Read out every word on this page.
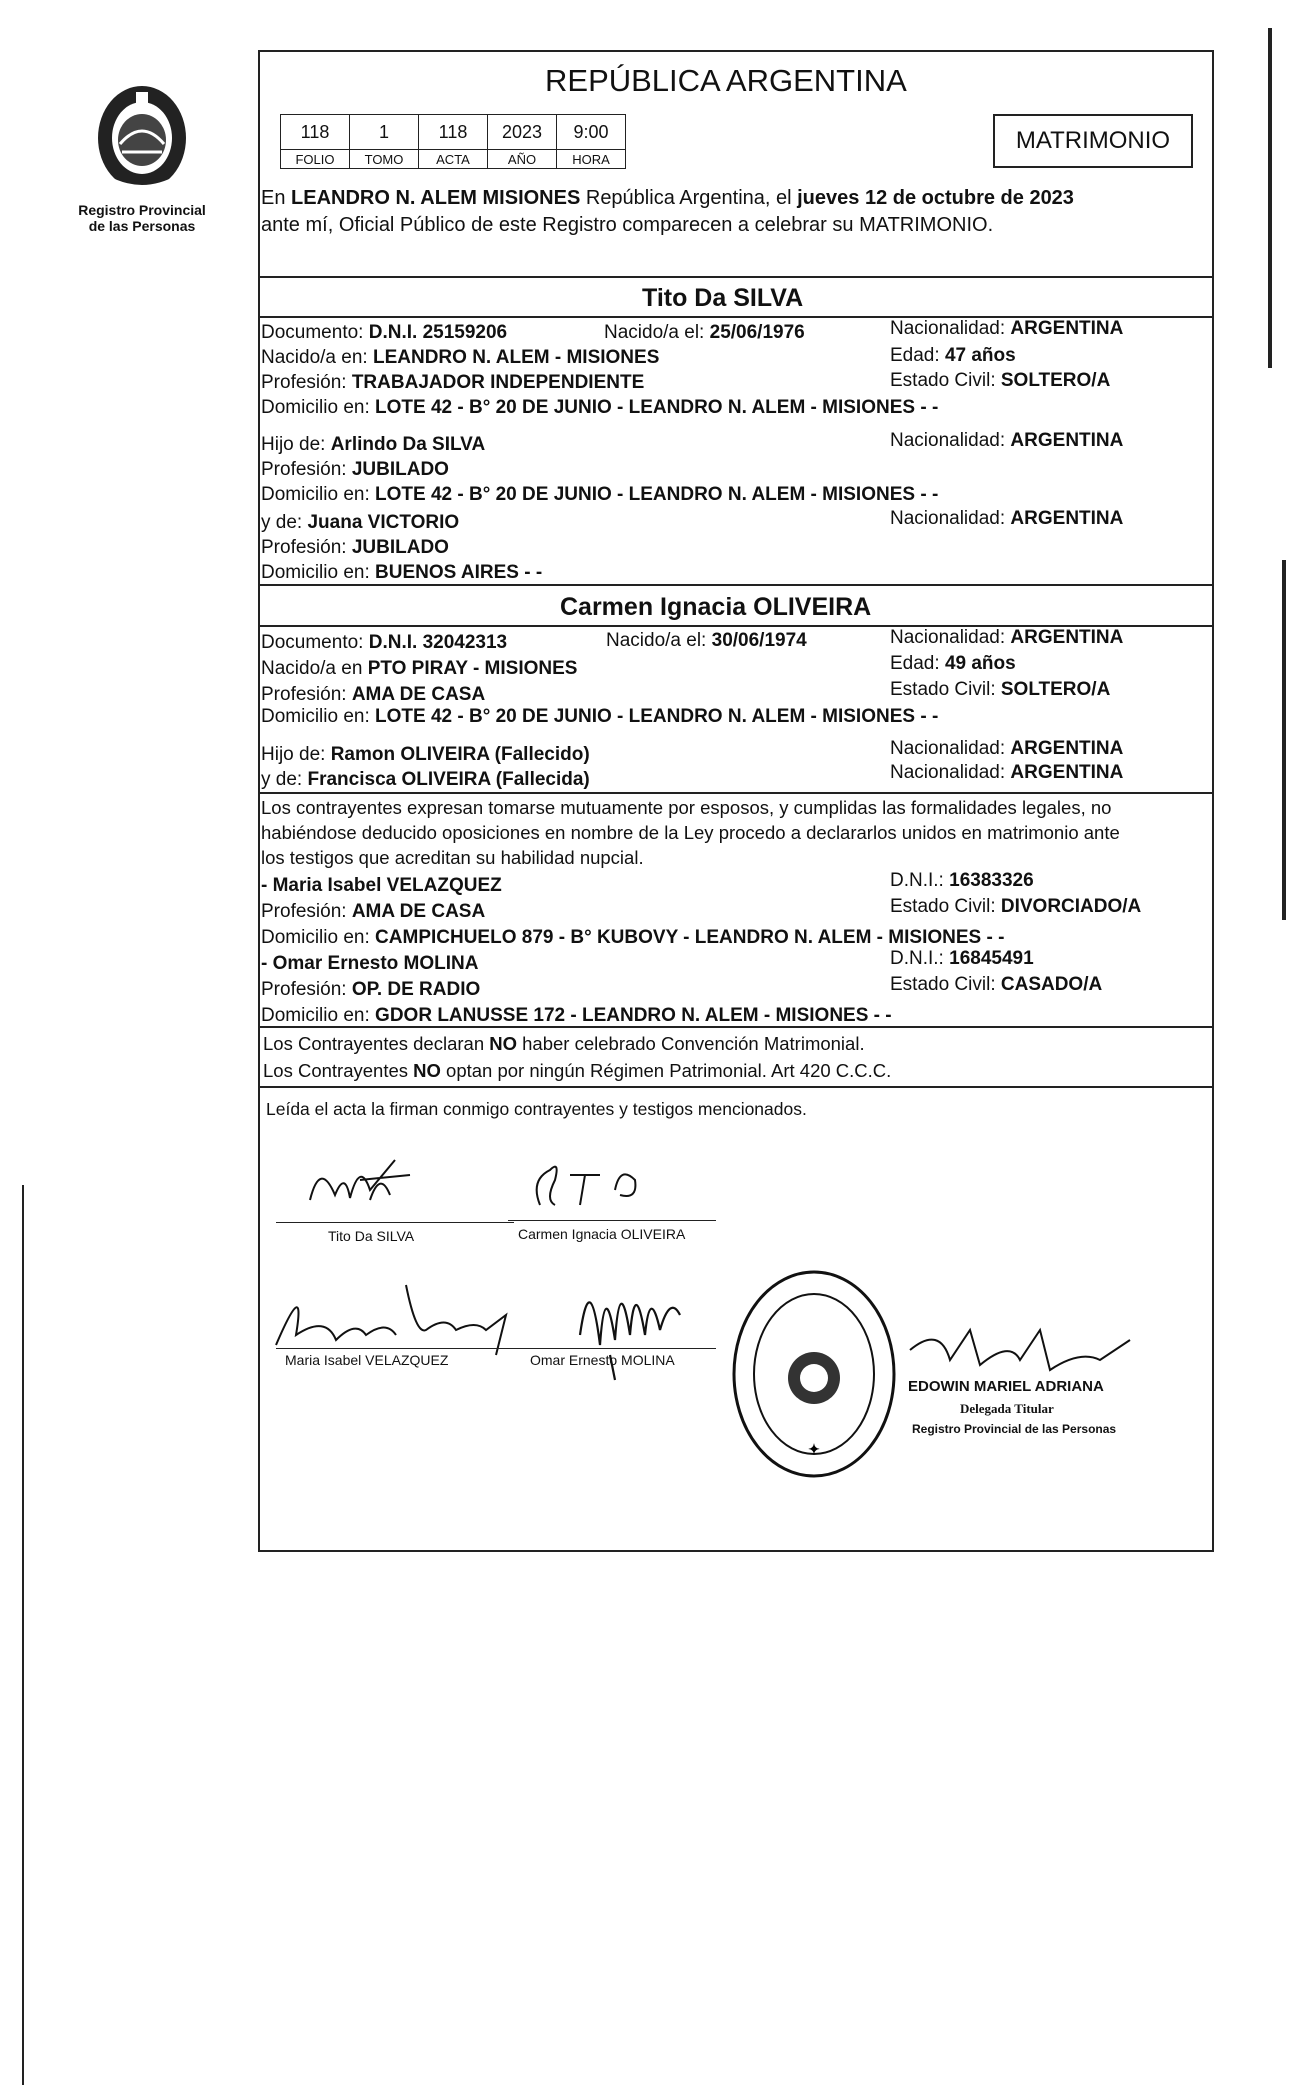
Registro Provincial
de las Personas
REPÚBLICA ARGENTINA
118	1	118	2023	9:00
FOLIO	TOMO	ACTA	AÑO	HORA
MATRIMONIO
En LEANDRO N. ALEM MISIONES República Argentina, el jueves 12 de octubre de 2023
ante mí, Oficial Público de este Registro comparecen a celebrar su MATRIMONIO.
Tito Da SILVA
Documento: D.N.I. 25159206	Nacido/a el: 25/06/1976	Nacionalidad: ARGENTINA
Nacido/a en: LEANDRO N. ALEM - MISIONES	Edad: 47 años
Profesión: TRABAJADOR INDEPENDIENTE	Estado Civil: SOLTERO/A
Domicilio en: LOTE 42 - B° 20 DE JUNIO - LEANDRO N. ALEM - MISIONES - -
Hijo de: Arlindo Da SILVA	Nacionalidad: ARGENTINA
Profesión: JUBILADO
Domicilio en: LOTE 42 - B° 20 DE JUNIO - LEANDRO N. ALEM - MISIONES - -
y de: Juana VICTORIO	Nacionalidad: ARGENTINA
Profesión: JUBILADO
Domicilio en: BUENOS AIRES - -
Carmen Ignacia OLIVEIRA
Documento: D.N.I. 32042313	Nacido/a el: 30/06/1974	Nacionalidad: ARGENTINA
Nacido/a en PTO PIRAY - MISIONES	Edad: 49 años
Profesión: AMA DE CASA	Estado Civil: SOLTERO/A
Domicilio en: LOTE 42 - B° 20 DE JUNIO - LEANDRO N. ALEM - MISIONES - -
Hijo de: Ramon OLIVEIRA (Fallecido)	Nacionalidad: ARGENTINA
y de: Francisca OLIVEIRA (Fallecida)	Nacionalidad: ARGENTINA
Los contrayentes expresan tomarse mutuamente por esposos, y cumplidas las formalidades legales, no
habiéndose deducido oposiciones en nombre de la Ley procedo a declararlos unidos en matrimonio ante
los testigos que acreditan su habilidad nupcial.
- Maria Isabel VELAZQUEZ	D.N.I.: 16383326
Profesión: AMA DE CASA	Estado Civil: DIVORCIADO/A
Domicilio en: CAMPICHUELO 879 - B° KUBOVY - LEANDRO N. ALEM - MISIONES - -
- Omar Ernesto MOLINA	D.N.I.: 16845491
Profesión: OP. DE RADIO	Estado Civil: CASADO/A
Domicilio en: GDOR LANUSSE 172 - LEANDRO N. ALEM - MISIONES - -
Los Contrayentes declaran NO haber celebrado Convención Matrimonial.
Los Contrayentes NO optan por ningún Régimen Patrimonial. Art 420 C.C.C.
Leída el acta la firman conmigo contrayentes y testigos mencionados.
Tito Da SILVA	Carmen Ignacia OLIVEIRA
Maria Isabel VELAZQUEZ	Omar Ernesto MOLINA
✦
EDOWIN MARIEL ADRIANA
Delegada Titular
Registro Provincial de las Personas
